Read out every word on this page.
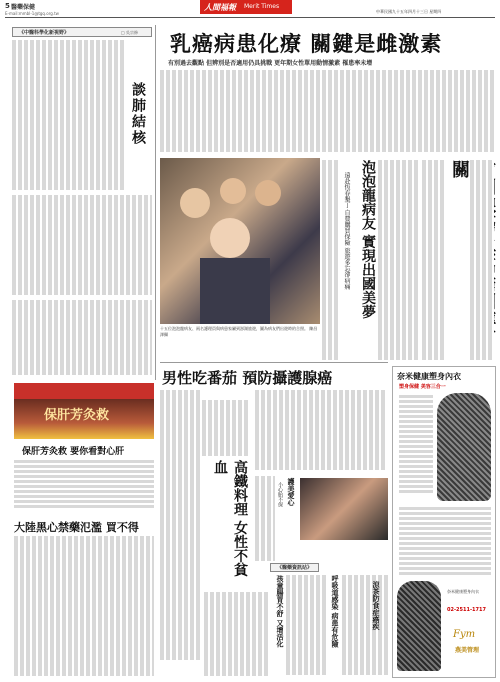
5 醫藥保健
E-mail:mmbl-1@tgq.org.tw
人間福報 Merit Times
中華民國九十五年四月十三日 星期四
《中醫科學化新視野》	□ 吳宗修
談肺結核
乳癌病患化療 關鍵是雌激素
有別過去觀點 但辨別是否適用仍具挑戰 更年期女性單用動情激素 罹患率未增
十五位泡泡龍病友、兩名護理員與病患家屬到澎湖旅遊，圖為病友們出遊時的合照。 陳昌澤攝
泡泡龍病友 實現出國美夢
遠赴恆春墾丁 自費購買保險 旅遊多忘卻病痛
關
男性吃番茄 預防攝護腺癌
高鐵料理 女性不貧血
護美愛心
小心胎不保
《醫藥資訊站》
呼吸道感染 病患有危險
孩童腸胃不舒 又增活化
保肝芳灸救
保肝芳灸救 要你看對心肝
大陸黑心禁藥氾濫 買不得
奈米健康塑身內衣
塑身保健 美容三合一
涼茶防食症癌疾	奈米健康塑身內衣
02-2511-1717
Fym
燕美管理
